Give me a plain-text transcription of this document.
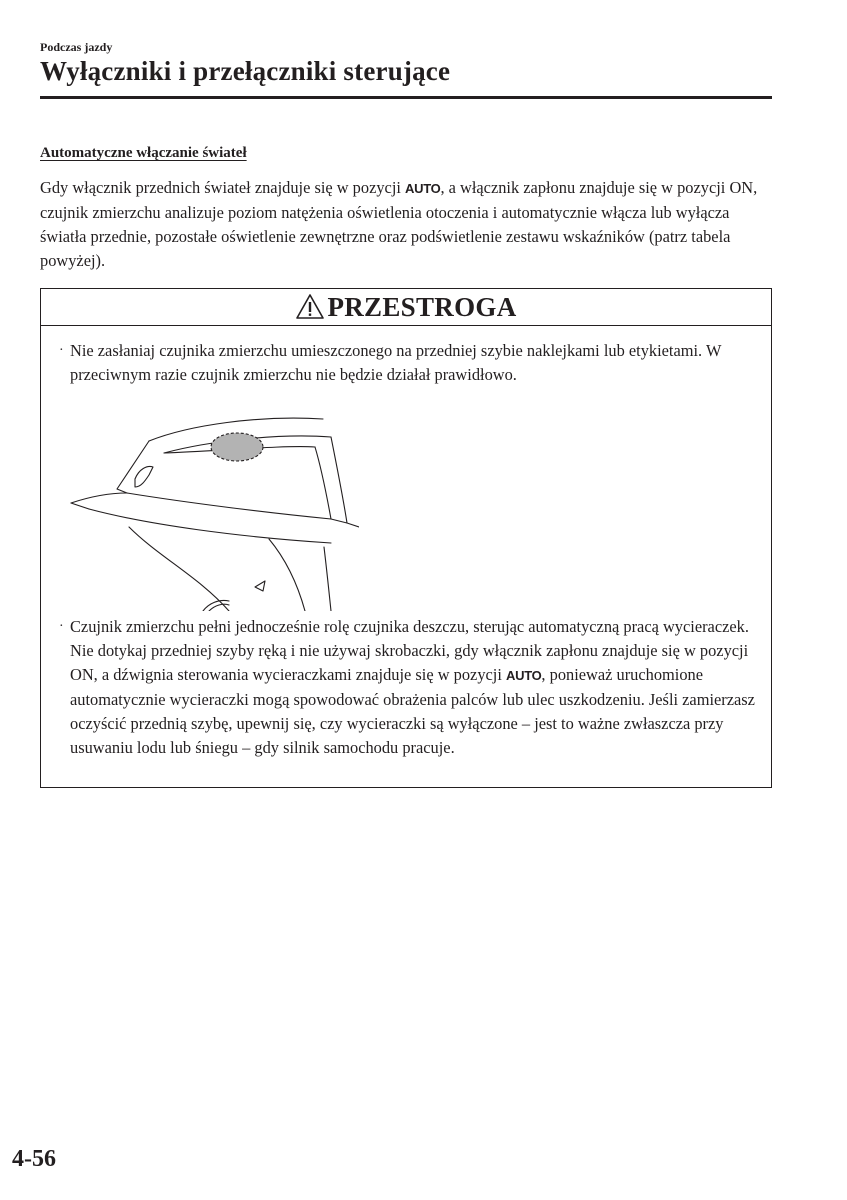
Podczas jazdy
Wyłączniki i przełączniki sterujące
Automatyczne włączanie świateł

Gdy włącznik przednich świateł znajduje się w pozycji AUTO, a włącznik zapłonu znajduje się w pozycji ON, czujnik zmierzchu analizuje poziom natężenia oświetlenia otoczenia i automatycznie włącza lub wyłącza światła przednie, pozostałe oświetlenie zewnętrzne oraz podświetlenie zestawu wskaźników (patrz tabela powyżej).

PRZESTROGA

· Nie zasłaniaj czujnika zmierzchu umieszczonego na przedniej szybie naklejkami lub etykietami. W przeciwnym razie czujnik zmierzchu nie będzie działał prawidłowo.

· Czujnik zmierzchu pełni jednocześnie rolę czujnika deszczu, sterując automatyczną pracą wycieraczek. Nie dotykaj przedniej szyby ręką i nie używaj skrobaczki, gdy włącznik zapłonu znajduje się w pozycji ON, a dźwignia sterowania wycieraczkami znajduje się w pozycji AUTO, ponieważ uruchomione automatycznie wycieraczki mogą spowodować obrażenia palców lub ulec uszkodzeniu. Jeśli zamierzasz oczyścić przednią szybę, upewnij się, czy wycieraczki są wyłączone – jest to ważne zwłaszcza przy usuwaniu lodu lub śniegu – gdy silnik samochodu pracuje.

4-56
